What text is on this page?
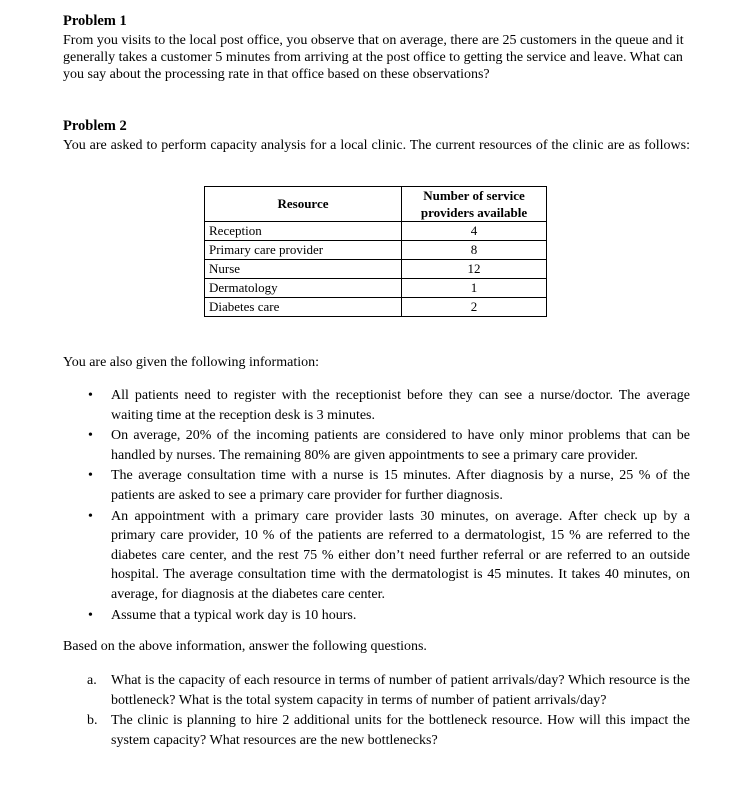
Problem 1
From you visits to the local post office, you observe that on average, there are 25 customers in the queue and it generally takes a customer 5 minutes from arriving at the post office to getting the service and leave. What can you say about the processing rate in that office based on these observations?
Problem 2
You are asked to perform capacity analysis for a local clinic. The current resources of the clinic are as follows:
Resource	Number of service providers available
Reception	4
Primary care provider	8
Nurse	12
Dermatology	1
Diabetes care	2
You are also given the following information:
• All patients need to register with the receptionist before they can see a nurse/doctor. The average waiting time at the reception desk is 3 minutes.
• On average, 20% of the incoming patients are considered to have only minor problems that can be handled by nurses. The remaining 80% are given appointments to see a primary care provider.
• The average consultation time with a nurse is 15 minutes. After diagnosis by a nurse, 25 % of the patients are asked to see a primary care provider for further diagnosis.
• An appointment with a primary care provider lasts 30 minutes, on average. After check up by a primary care provider, 10 % of the patients are referred to a dermatologist, 15 % are referred to the diabetes care center, and the rest 75 % either don’t need further referral or are referred to an outside hospital. The average consultation time with the dermatologist is 45 minutes. It takes 40 minutes, on average, for diagnosis at the diabetes care center.
• Assume that a typical work day is 10 hours.
Based on the above information, answer the following questions.
a. What is the capacity of each resource in terms of number of patient arrivals/day? Which resource is the bottleneck? What is the total system capacity in terms of number of patient arrivals/day?
b. The clinic is planning to hire 2 additional units for the bottleneck resource. How will this impact the system capacity? What resources are the new bottlenecks?
